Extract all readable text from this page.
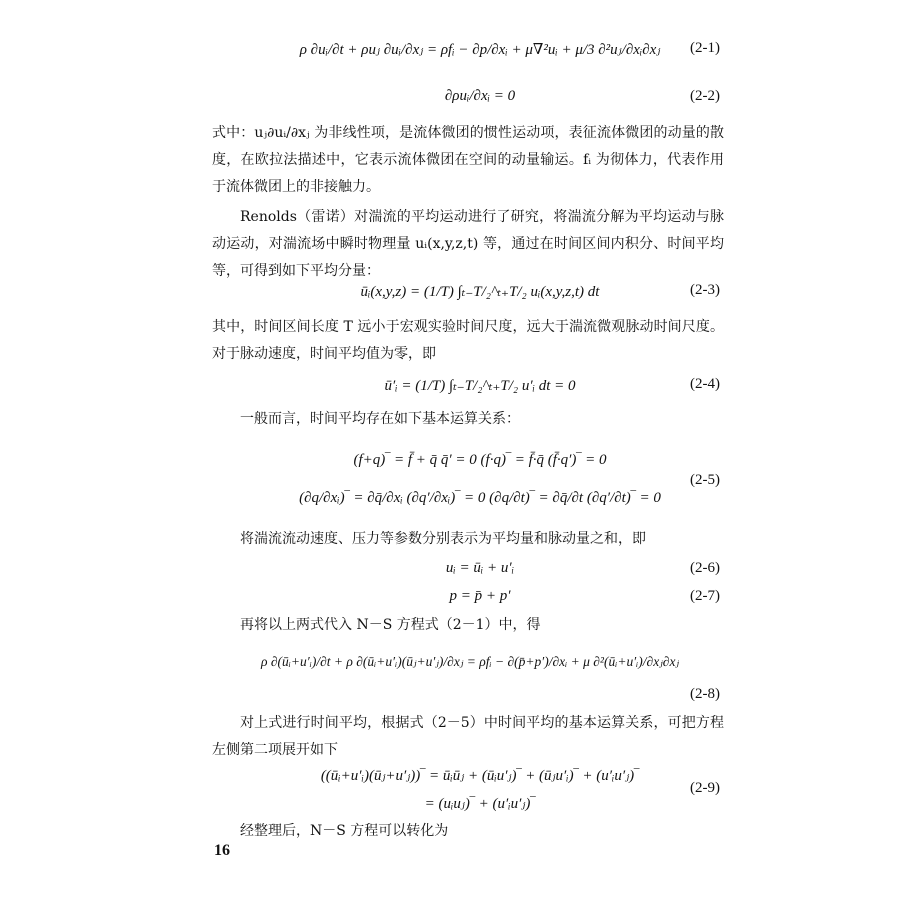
ρ ∂uᵢ/∂t + ρuⱼ ∂uᵢ/∂xⱼ = ρfᵢ − ∂p/∂xᵢ + μ∇²uᵢ + μ/3 ∂²uⱼ/∂xᵢ∂xⱼ	(2-1)
∂ρuᵢ/∂xᵢ = 0	(2-2)
式中：uⱼ∂uᵢ/∂xⱼ 为非线性项，是流体微团的惯性运动项，表征流体微团的动量的散度，在欧拉法描述中，它表示流体微团在空间的动量输运。fᵢ 为彻体力，代表作用于流体微团上的非接触力。
Renolds（雷诺）对湍流的平均运动进行了研究，将湍流分解为平均运动与脉动运动，对湍流场中瞬时物理量 uᵢ(x,y,z,t) 等，通过在时间区间内积分、时间平均等，可得到如下平均分量：
ūᵢ(x,y,z) = (1/T) ∫ₜ₋T/₂^ₜ₊T/₂ uᵢ(x,y,z,t) dt	(2-3)
其中，时间区间长度 T 远小于宏观实验时间尺度，远大于湍流微观脉动时间尺度。对于脉动速度，时间平均值为零，即
ū′ᵢ = (1/T) ∫ₜ₋T/₂^ₜ₊T/₂ u′ᵢ dt = 0	(2-4)
一般而言，时间平均存在如下基本运算关系：
(f+q)‾ = f̄ + q̄ q̄′ = 0 (f·q)‾ = f̄·q̄ (f̄·q′)‾ = 0
(∂q/∂xᵢ)‾ = ∂q̄/∂xᵢ (∂q′/∂xᵢ)‾ = 0 (∂q/∂t)‾ = ∂q̄/∂t (∂q′/∂t)‾ = 0
(2-5)
将湍流流动速度、压力等参数分别表示为平均量和脉动量之和，即
uᵢ = ūᵢ + u′ᵢ	(2-6)
p = p̄ + p′	(2-7)
再将以上两式代入 N－S 方程式（2－1）中，得
ρ ∂(ūᵢ+u′ᵢ)/∂t + ρ ∂(ūᵢ+u′ᵢ)(ūⱼ+u′ⱼ)/∂xⱼ = ρfᵢ − ∂(p̄+p′)/∂xᵢ + μ ∂²(ūᵢ+u′ᵢ)/∂xⱼ∂xⱼ
(2-8)
对上式进行时间平均，根据式（2－5）中时间平均的基本运算关系，可把方程左侧第二项展开如下
((ūᵢ+u′ᵢ)(ūⱼ+u′ⱼ))‾ = ūᵢūⱼ + (ūᵢu′ⱼ)‾ + (ūⱼu′ᵢ)‾ + (u′ᵢu′ⱼ)‾
= (uᵢuⱼ)‾ + (u′ᵢu′ⱼ)‾
(2-9)
经整理后，N－S 方程可以转化为
16
